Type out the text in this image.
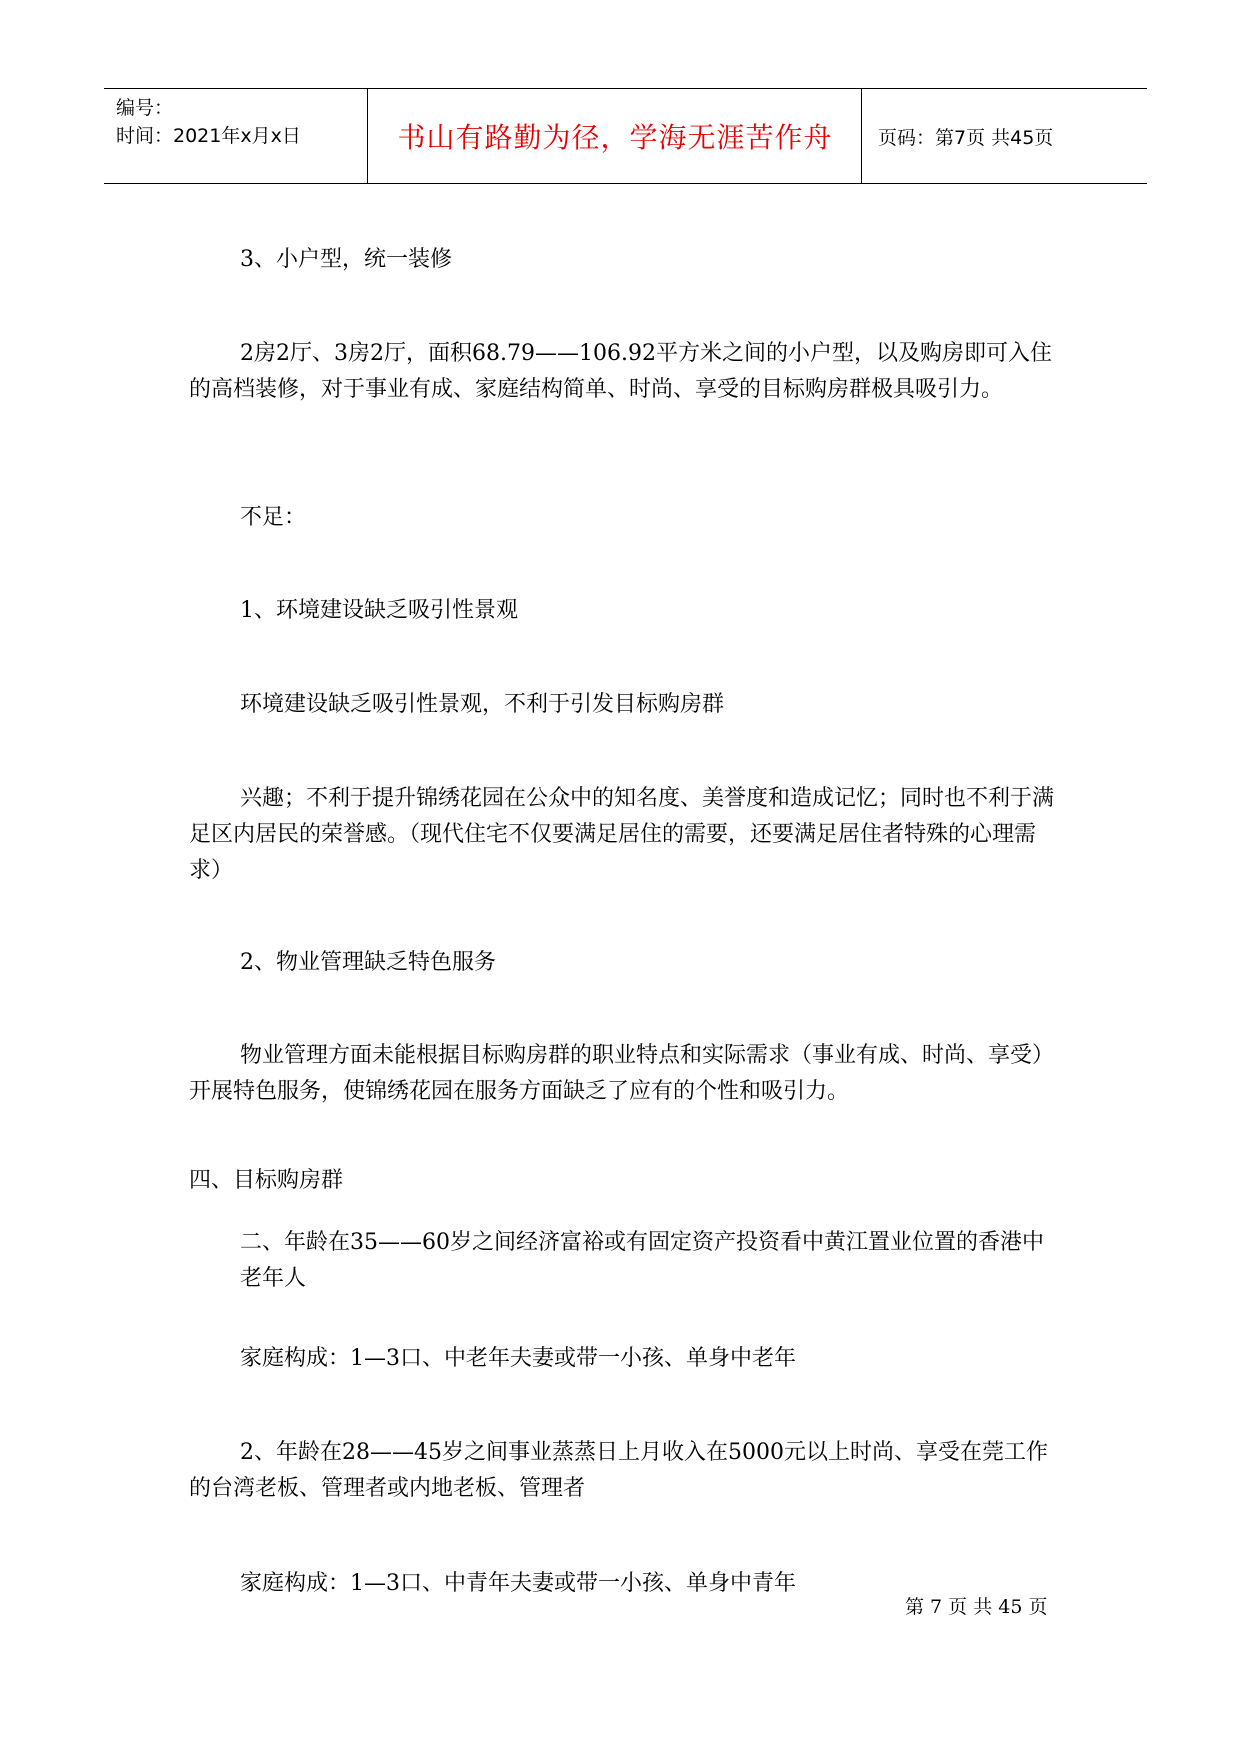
编号：
时间：2021年x月x日	书山有路勤为径，学海无涯苦作舟	页码：第7页 共45页
3、小户型，统一装修
2房2厅、3房2厅，面积68.79——106.92平方米之间的小户型，以及购房即可入住的高档装修，对于事业有成、家庭结构简单、时尚、享受的目标购房群极具吸引力。
不足：
1、环境建设缺乏吸引性景观
环境建设缺乏吸引性景观，不利于引发目标购房群
兴趣；不利于提升锦绣花园在公众中的知名度、美誉度和造成记忆；同时也不利于满足区内居民的荣誉感。（现代住宅不仅要满足居住的需要，还要满足居住者特殊的心理需求）
2、物业管理缺乏特色服务
物业管理方面未能根据目标购房群的职业特点和实际需求（事业有成、时尚、享受）开展特色服务，使锦绣花园在服务方面缺乏了应有的个性和吸引力。
四、目标购房群
二、年龄在35——60岁之间经济富裕或有固定资产投资看中黄江置业位置的香港中老年人
家庭构成：1—3口、中老年夫妻或带一小孩、单身中老年
2、年龄在28——45岁之间事业蒸蒸日上月收入在5000元以上时尚、享受在莞工作的台湾老板、管理者或内地老板、管理者
家庭构成：1—3口、中青年夫妻或带一小孩、单身中青年
第 7 页 共 45 页
